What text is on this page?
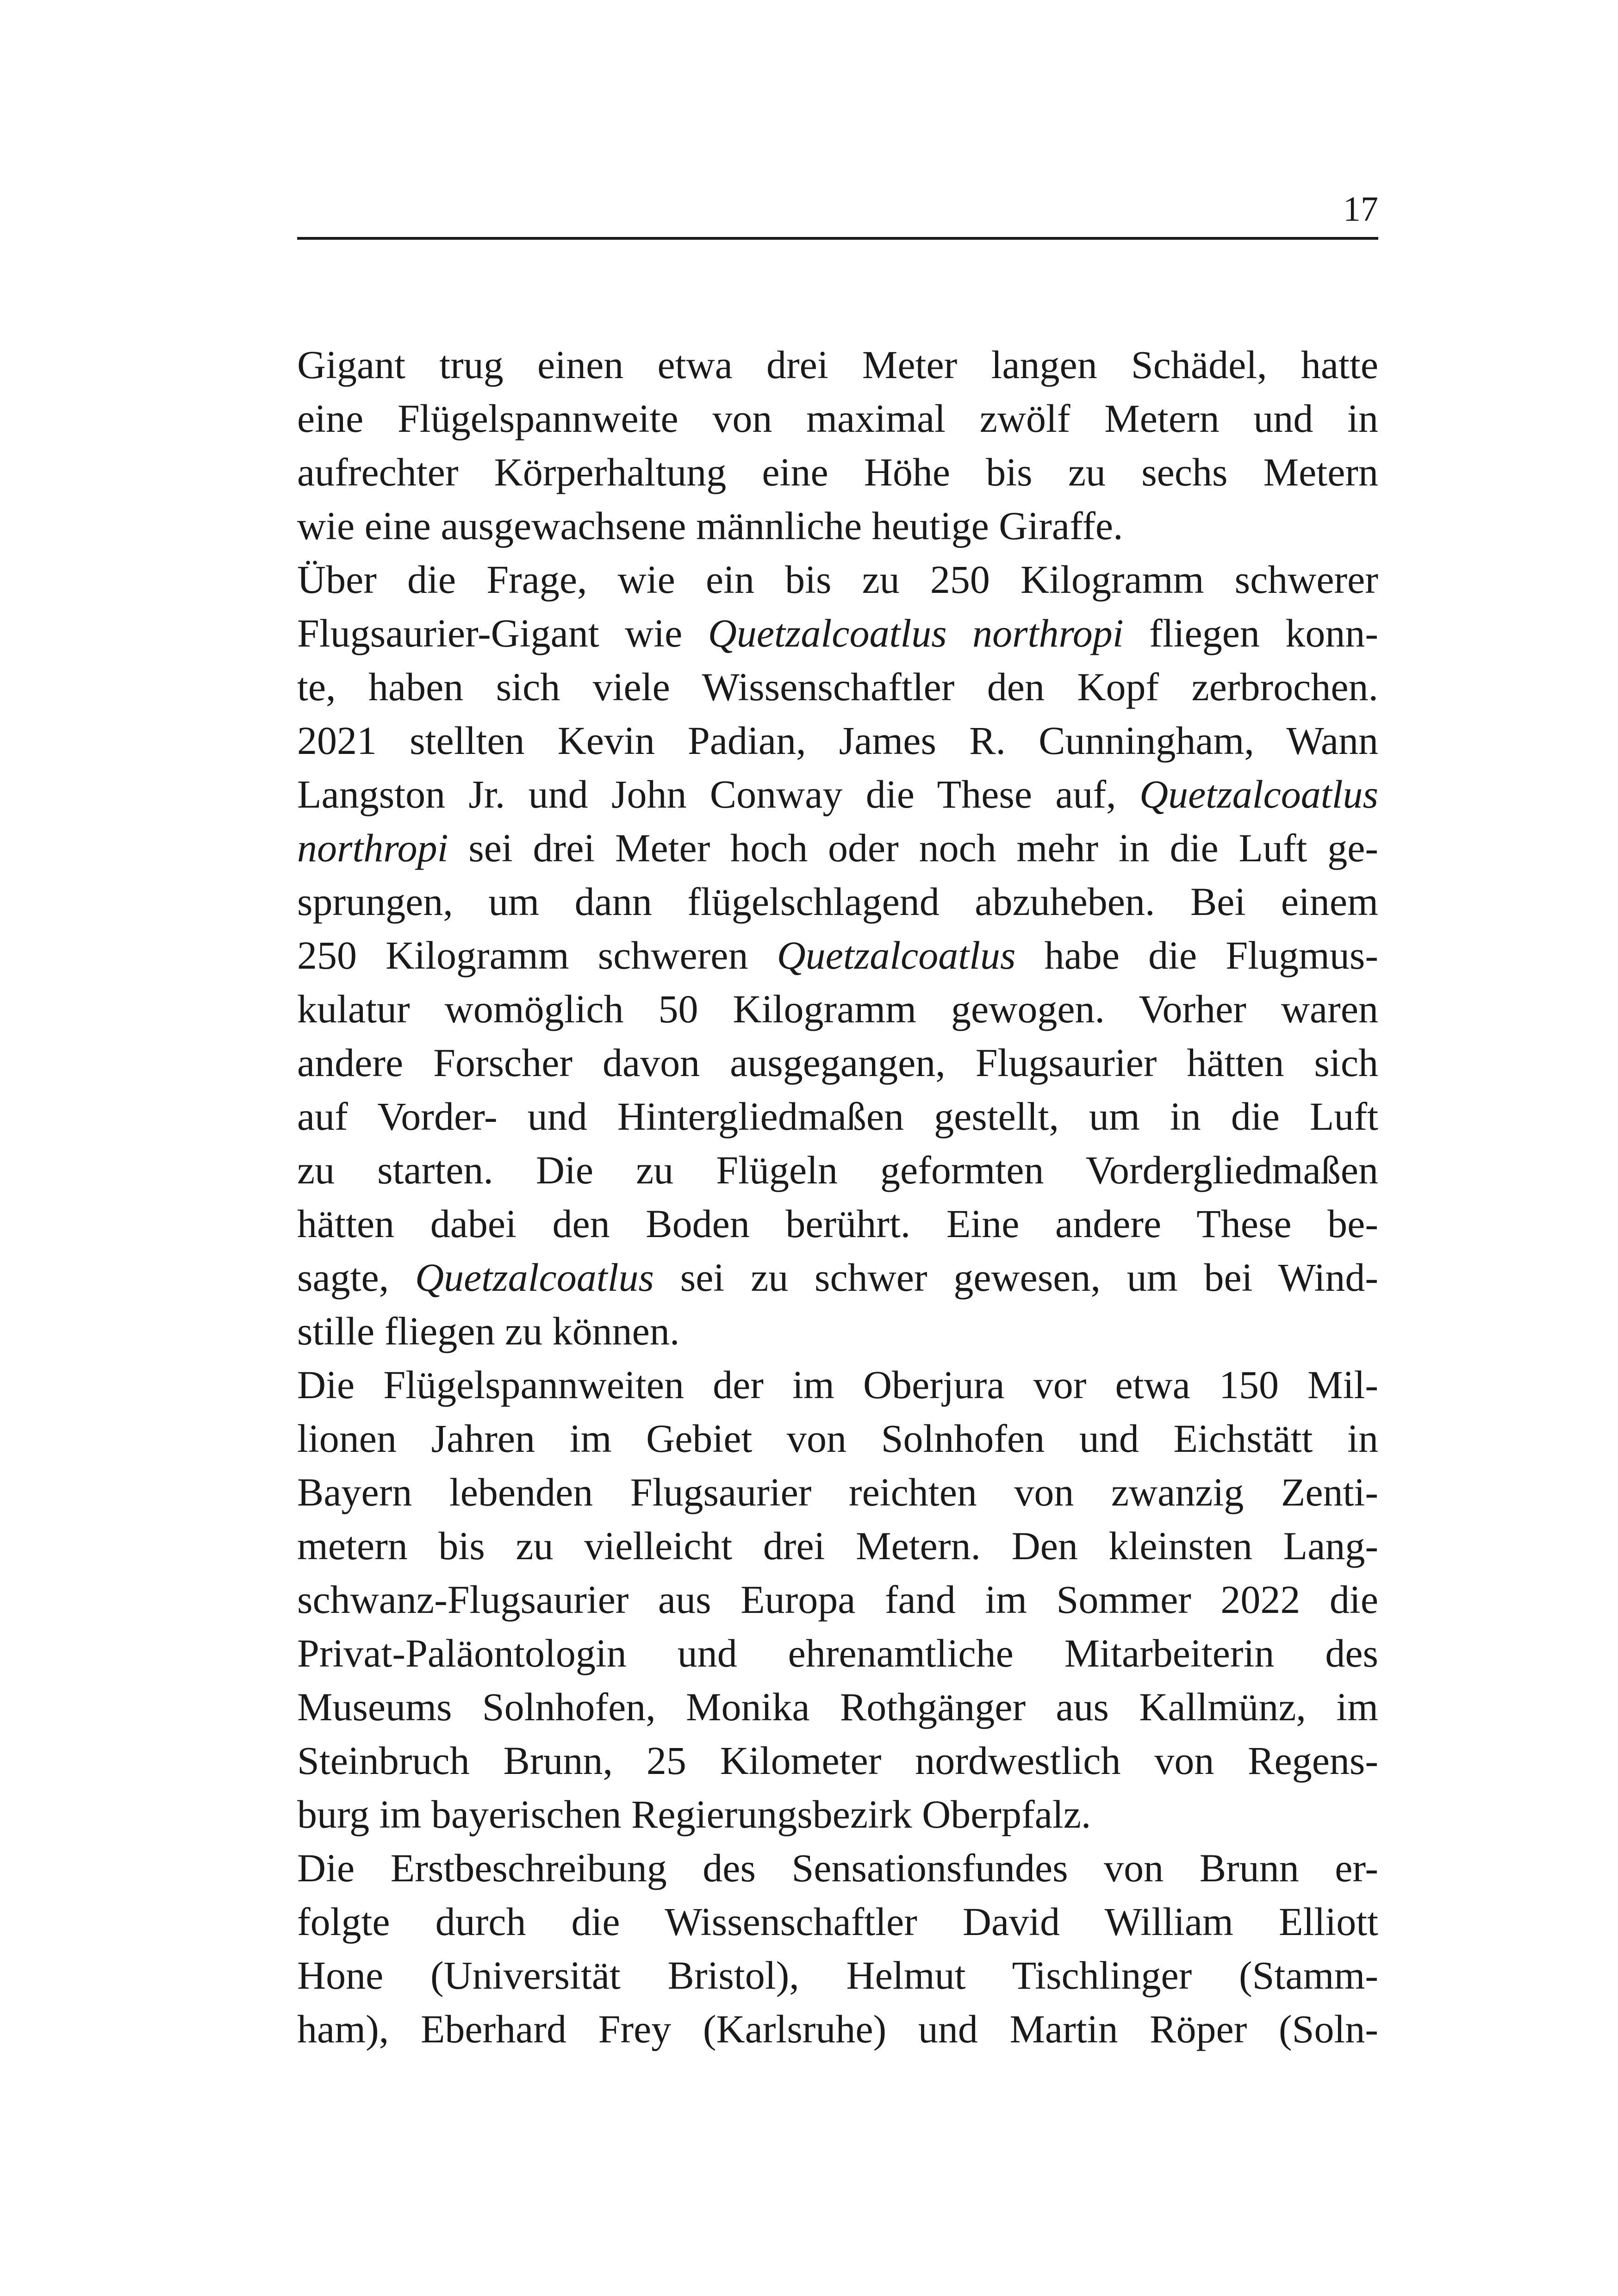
17
Gigant trug einen etwa drei Meter langen Schädel, hatte
eine Flügelspannweite von maximal zwölf Metern und in
aufrechter Körperhaltung eine Höhe bis zu sechs Metern
wie eine ausgewachsene männliche heutige Giraffe.
Über die Frage, wie ein bis zu 250 Kilogramm schwerer
Flugsaurier-Gigant wie Quetzalcoatlus northropi fliegen konn-
te, haben sich viele Wissenschaftler den Kopf zerbrochen.
2021 stellten Kevin Padian, James R. Cunningham, Wann
Langston Jr. und John Conway die These auf, Quetzalcoatlus
northropi sei drei Meter hoch oder noch mehr in die Luft ge-
sprungen, um dann flügelschlagend abzuheben. Bei einem
250 Kilogramm schweren Quetzalcoatlus habe die Flugmus-
kulatur womöglich 50 Kilogramm gewogen. Vorher waren
andere Forscher davon ausgegangen, Flugsaurier hätten sich
auf Vorder- und Hintergliedmaßen gestellt, um in die Luft
zu starten. Die zu Flügeln geformten Vordergliedmaßen
hätten dabei den Boden berührt. Eine andere These be-
sagte, Quetzalcoatlus sei zu schwer gewesen, um bei Wind-
stille fliegen zu können.
Die Flügelspannweiten der im Oberjura vor etwa 150 Mil-
lionen Jahren im Gebiet von Solnhofen und Eichstätt in
Bayern lebenden Flugsaurier reichten von zwanzig Zenti-
metern bis zu vielleicht drei Metern. Den kleinsten Lang-
schwanz-Flugsaurier aus Europa fand im Sommer 2022 die
Privat-Paläontologin und ehrenamtliche Mitarbeiterin des
Museums Solnhofen, Monika Rothgänger aus Kallmünz, im
Steinbruch Brunn, 25 Kilometer nordwestlich von Regens-
burg im bayerischen Regierungsbezirk Oberpfalz.
Die Erstbeschreibung des Sensationsfundes von Brunn er-
folgte durch die Wissenschaftler David William Elliott
Hone (Universität Bristol), Helmut Tischlinger (Stamm-
ham), Eberhard Frey (Karlsruhe) und Martin Röper (Soln-
